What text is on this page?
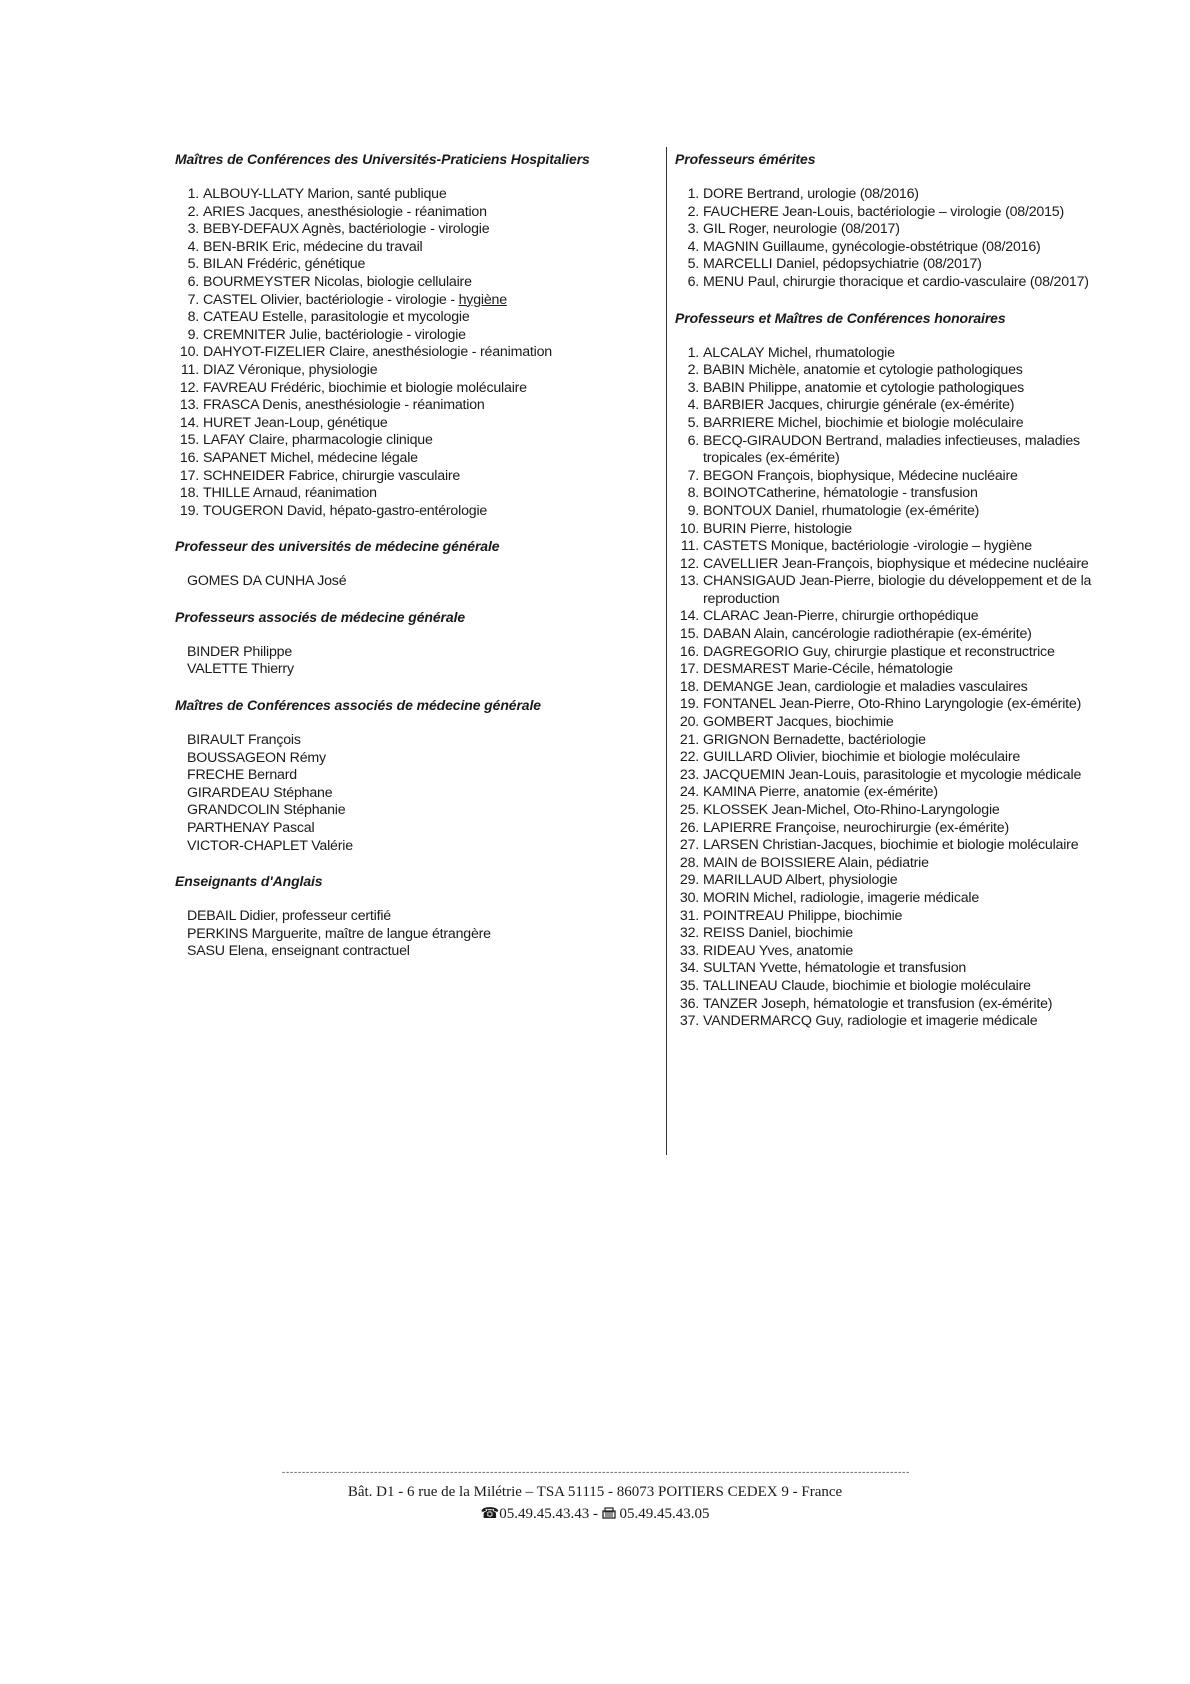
Maîtres de Conférences des Universités-Praticiens Hospitaliers

1. ALBOUY-LLATY Marion, santé publique
2. ARIES Jacques, anesthésiologie - réanimation
3. BEBY-DEFAUX Agnès, bactériologie - virologie
4. BEN-BRIK Eric, médecine du travail
5. BILAN Frédéric, génétique
6. BOURMEYSTER Nicolas, biologie cellulaire
7. CASTEL Olivier, bactériologie - virologie - hygiène
8. CATEAU Estelle, parasitologie et mycologie
9. CREMNITER Julie, bactériologie - virologie
10. DAHYOT-FIZELIER Claire, anesthésiologie - réanimation
11. DIAZ Véronique, physiologie
12. FAVREAU Frédéric, biochimie et biologie moléculaire
13. FRASCA Denis, anesthésiologie - réanimation
14. HURET Jean-Loup, génétique
15. LAFAY Claire, pharmacologie clinique
16. SAPANET Michel, médecine légale
17. SCHNEIDER Fabrice, chirurgie vasculaire
18. THILLE Arnaud, réanimation
19. TOUGERON David, hépato-gastro-entérologie

Professeur des universités de médecine générale

GOMES DA CUNHA José

Professeurs associés de médecine générale

BINDER Philippe
VALETTE Thierry

Maîtres de Conférences associés de médecine générale

BIRAULT François
BOUSSAGEON Rémy
FRECHE Bernard
GIRARDEAU Stéphane
GRANDCOLIN Stéphanie
PARTHENAY Pascal
VICTOR-CHAPLET Valérie

Enseignants d'Anglais

DEBAIL Didier, professeur certifié
PERKINS Marguerite, maître de langue étrangère
SASU Elena, enseignant contractuel

Professeurs émérites

1. DORE Bertrand, urologie (08/2016)
2. FAUCHERE Jean-Louis, bactériologie – virologie (08/2015)
3. GIL Roger, neurologie (08/2017)
4. MAGNIN Guillaume, gynécologie-obstétrique (08/2016)
5. MARCELLI Daniel, pédopsychiatrie (08/2017)
6. MENU Paul, chirurgie thoracique et cardio-vasculaire (08/2017)

Professeurs et Maîtres de Conférences honoraires

1. ALCALAY Michel, rhumatologie
2. BABIN Michèle, anatomie et cytologie pathologiques
3. BABIN Philippe, anatomie et cytologie pathologiques
4. BARBIER Jacques, chirurgie générale (ex-émérite)
5. BARRIERE Michel, biochimie et biologie moléculaire
6. BECQ-GIRAUDON Bertrand, maladies infectieuses, maladies tropicales (ex-émérite)
7. BEGON François, biophysique, Médecine nucléaire
8. BOINOTCatherine, hématologie - transfusion
9. BONTOUX Daniel, rhumatologie (ex-émérite)
10. BURIN Pierre, histologie
11. CASTETS Monique, bactériologie -virologie – hygiène
12. CAVELLIER Jean-François, biophysique et médecine nucléaire
13. CHANSIGAUD Jean-Pierre, biologie du développement et de la reproduction
14. CLARAC Jean-Pierre, chirurgie orthopédique
15. DABAN Alain, cancérologie radiothérapie (ex-émérite)
16. DAGREGORIO Guy, chirurgie plastique et reconstructrice
17. DESMAREST Marie-Cécile, hématologie
18. DEMANGE Jean, cardiologie et maladies vasculaires
19. FONTANEL Jean-Pierre, Oto-Rhino Laryngologie (ex-émérite)
20. GOMBERT Jacques, biochimie
21. GRIGNON Bernadette, bactériologie
22. GUILLARD Olivier, biochimie et biologie moléculaire
23. JACQUEMIN Jean-Louis, parasitologie et mycologie médicale
24. KAMINA Pierre, anatomie (ex-émérite)
25. KLOSSEK Jean-Michel, Oto-Rhino-Laryngologie
26. LAPIERRE Françoise, neurochirurgie (ex-émérite)
27. LARSEN Christian-Jacques, biochimie et biologie moléculaire
28. MAIN de BOISSIERE Alain, pédiatrie
29. MARILLAUD Albert, physiologie
30. MORIN Michel, radiologie, imagerie médicale
31. POINTREAU Philippe, biochimie
32. REISS Daniel, biochimie
33. RIDEAU Yves, anatomie
34. SULTAN Yvette, hématologie et transfusion
35. TALLINEAU Claude, biochimie et biologie moléculaire
36. TANZER Joseph, hématologie et transfusion (ex-émérite)
37. VANDERMARCQ Guy, radiologie et imagerie médicale
-------------------------------------------------------------------------------------------------------------------------------------------------------------
Bât. D1 - 6 rue de la Milétrie – TSA 51115 - 86073 POITIERS CEDEX 9 - France
☎05.49.45.43.43 -  05.49.45.43.05
